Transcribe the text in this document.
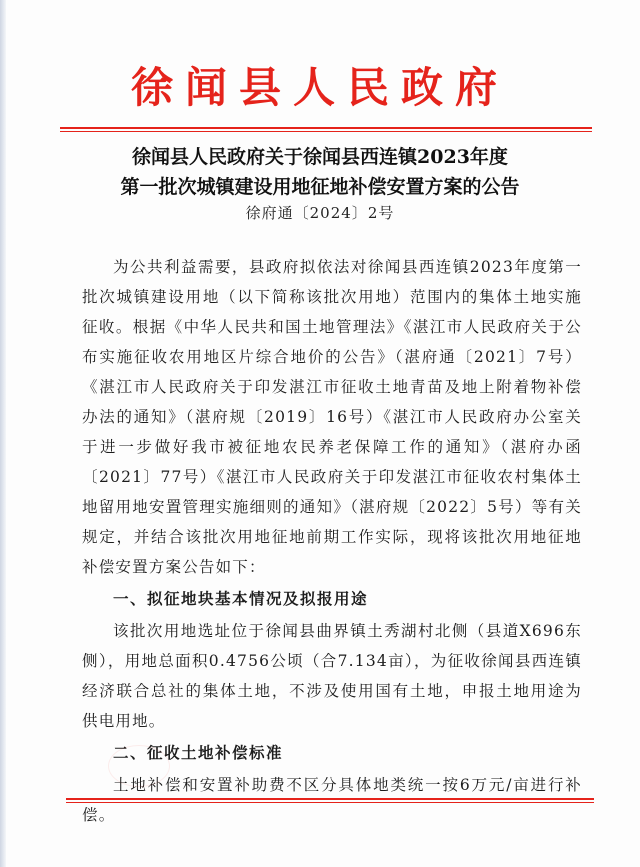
徐闻县人民政府
徐闻县人民政府关于徐闻县西连镇2023年度
第一批次城镇建设用地征地补偿安置方案的公告
徐府通〔2024〕2号

为公共利益需要，县政府拟依法对徐闻县西连镇2023年度第一批次城镇建设用地（以下简称该批次用地）范围内的集体土地实施征收。根据《中华人民共和国土地管理法》《湛江市人民政府关于公布实施征收农用地区片综合地价的公告》（湛府通〔2021〕7号）《湛江市人民政府关于印发湛江市征收土地青苗及地上附着物补偿办法的通知》（湛府规〔2019〕16号）《湛江市人民政府办公室关于进一步做好我市被征地农民养老保障工作的通知》（湛府办函〔2021〕77号）《湛江市人民政府关于印发湛江市征收农村集体土地留用地安置管理实施细则的通知》（湛府规〔2022〕5号）等有关规定，并结合该批次用地征地前期工作实际，现将该批次用地征地补偿安置方案公告如下：

一、拟征地块基本情况及拟报用途

该批次用地选址位于徐闻县曲界镇土秀湖村北侧（县道X696东侧），用地总面积0.4756公顷（合7.134亩），为征收徐闻县西连镇经济联合总社的集体土地，不涉及使用国有土地，申报土地用途为供电用地。

二、征收土地补偿标准

土地补偿和安置补助费不区分具体地类统一按6万元/亩进行补偿。
